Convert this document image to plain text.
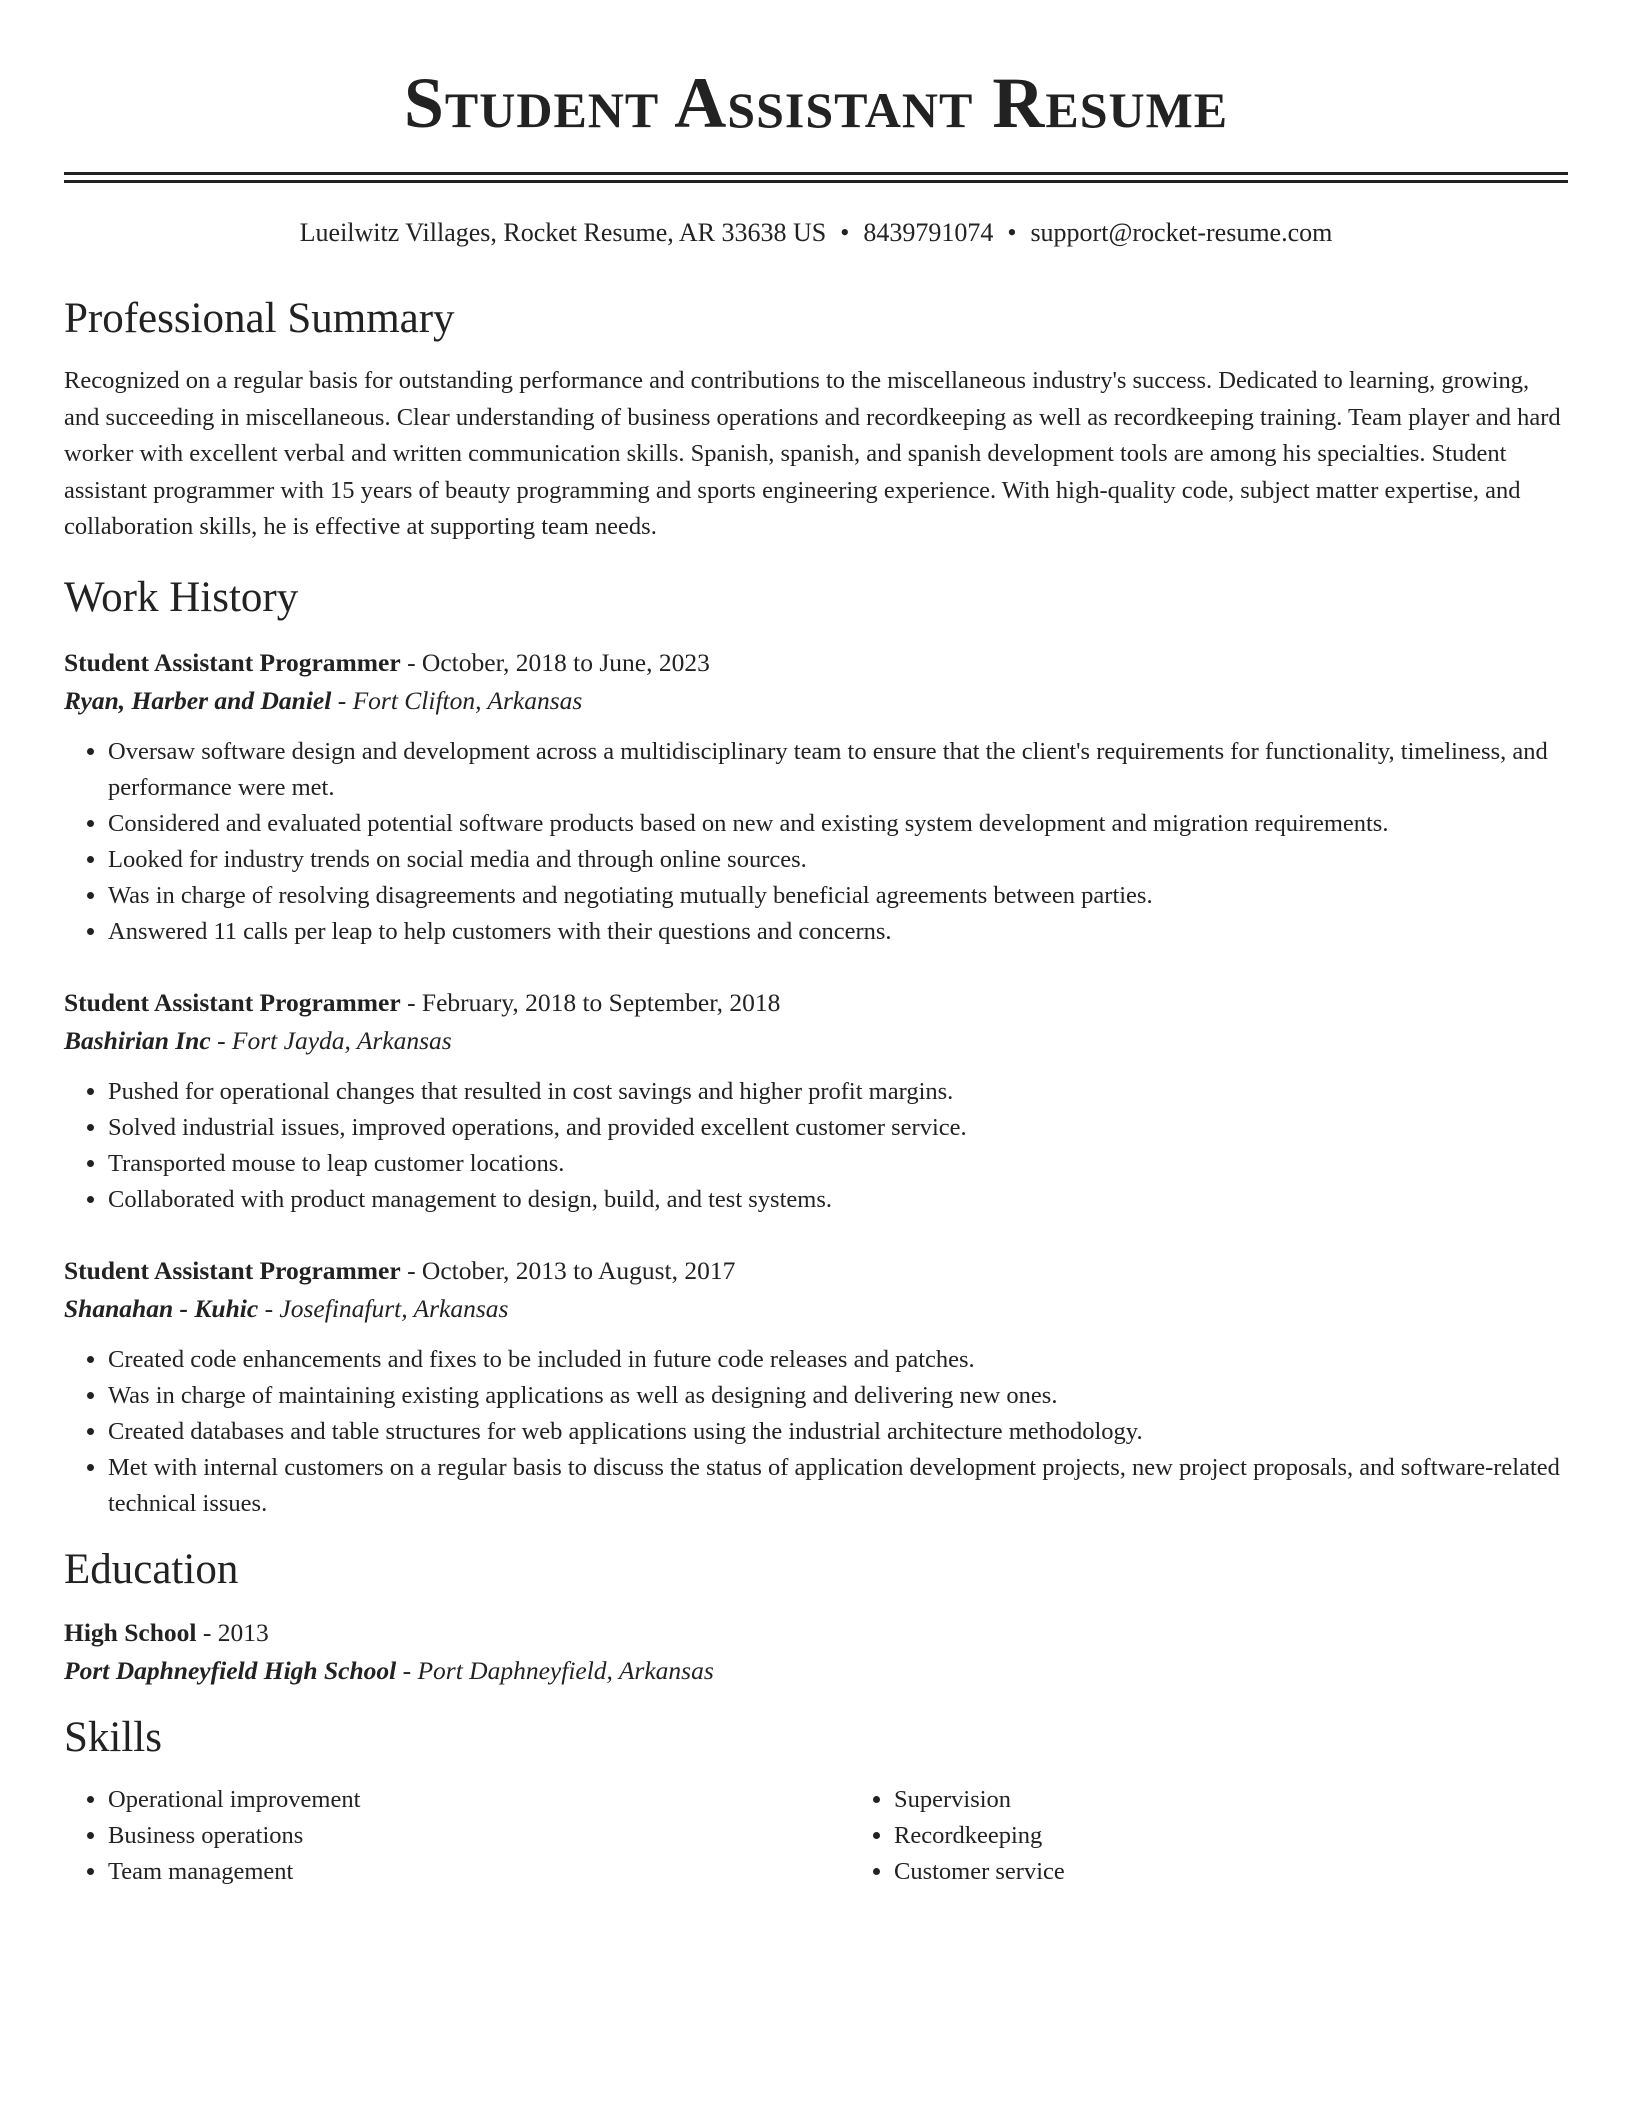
Student Assistant Resume
Lueilwitz Villages, Rocket Resume, AR 33638 US • 8439791074 • support@rocket-resume.com
Professional Summary

Recognized on a regular basis for outstanding performance and contributions to the miscellaneous industry's success. Dedicated to learning, growing, and succeeding in miscellaneous. Clear understanding of business operations and recordkeeping as well as recordkeeping training. Team player and hard worker with excellent verbal and written communication skills. Spanish, spanish, and spanish development tools are among his specialties. Student assistant programmer with 15 years of beauty programming and sports engineering experience. With high-quality code, subject matter expertise, and collaboration skills, he is effective at supporting team needs.

Work History
Student Assistant Programmer - October, 2018 to June, 2023
Ryan, Harber and Daniel - Fort Clifton, Arkansas
• Oversaw software design and development across a multidisciplinary team to ensure that the client's requirements for functionality, timeliness, and performance were met.
• Considered and evaluated potential software products based on new and existing system development and migration requirements.
• Looked for industry trends on social media and through online sources.
• Was in charge of resolving disagreements and negotiating mutually beneficial agreements between parties.
• Answered 11 calls per leap to help customers with their questions and concerns.
Student Assistant Programmer - February, 2018 to September, 2018
Bashirian Inc - Fort Jayda, Arkansas
• Pushed for operational changes that resulted in cost savings and higher profit margins.
• Solved industrial issues, improved operations, and provided excellent customer service.
• Transported mouse to leap customer locations.
• Collaborated with product management to design, build, and test systems.
Student Assistant Programmer - October, 2013 to August, 2017
Shanahan - Kuhic - Josefinafurt, Arkansas
• Created code enhancements and fixes to be included in future code releases and patches.
• Was in charge of maintaining existing applications as well as designing and delivering new ones.
• Created databases and table structures for web applications using the industrial architecture methodology.
• Met with internal customers on a regular basis to discuss the status of application development projects, new project proposals, and software-related technical issues.
Education
High School - 2013
Port Daphneyfield High School - Port Daphneyfield, Arkansas
Skills
• Operational improvement
• Business operations
• Team management
• Supervision
• Recordkeeping
• Customer service
